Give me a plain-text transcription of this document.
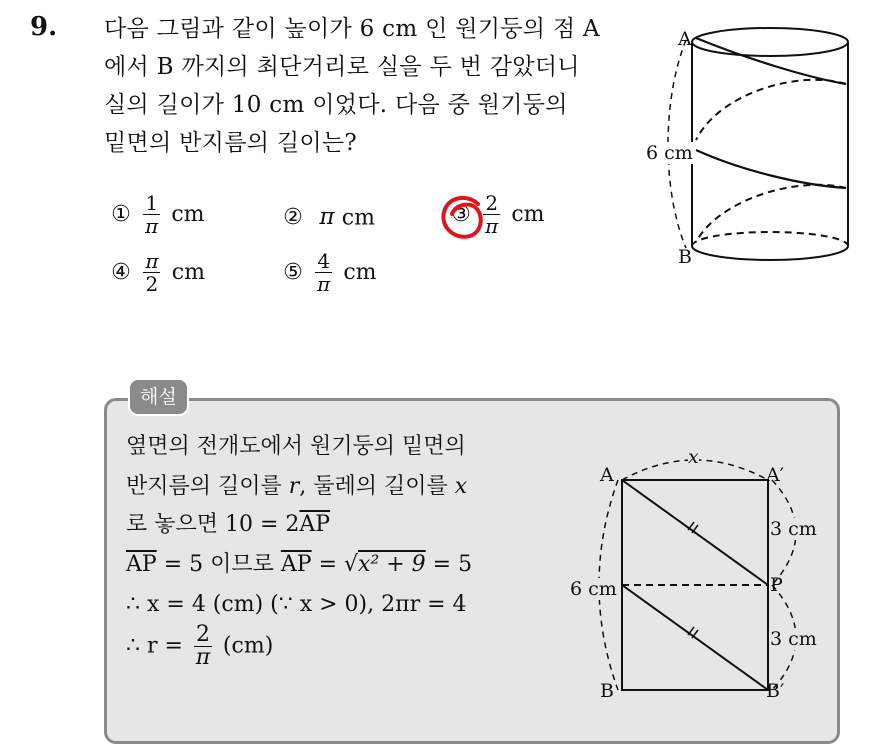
9. 다음 그림과 같이 높이가 6 cm 인 원기둥의 점 A
에서 B 까지의 최단거리로 실을 두 번 감았더니
실의 길이가 10 cm 이었다. 다음 중 원기둥의
밑면의 반지름의 길이는?
① $\frac{1}{\pi}$ cm	② π cm	③ $\frac{2}{\pi}$ cm
④ $\frac{\pi}{2}$ cm	⑤ $\frac{4}{\pi}$ cm
A
B
6 cm
해설
옆면의 전개도에서 원기둥의 밑면의
반지름의 길이를 r, 둘레의 길이를 x
로 놓으면 $10 = 2\overline{AP}$
$\overline{AP} = 5$ 이므로 $\overline{AP} = √x^2 + 9 = 5$
∴ x = 4 (cm) (∵ x > 0), 2πr = 4
∴ $r = \frac{2}{\pi} (cm)$
A	A′
x
P
6 cm
3 cm
3 cm
B	B′
